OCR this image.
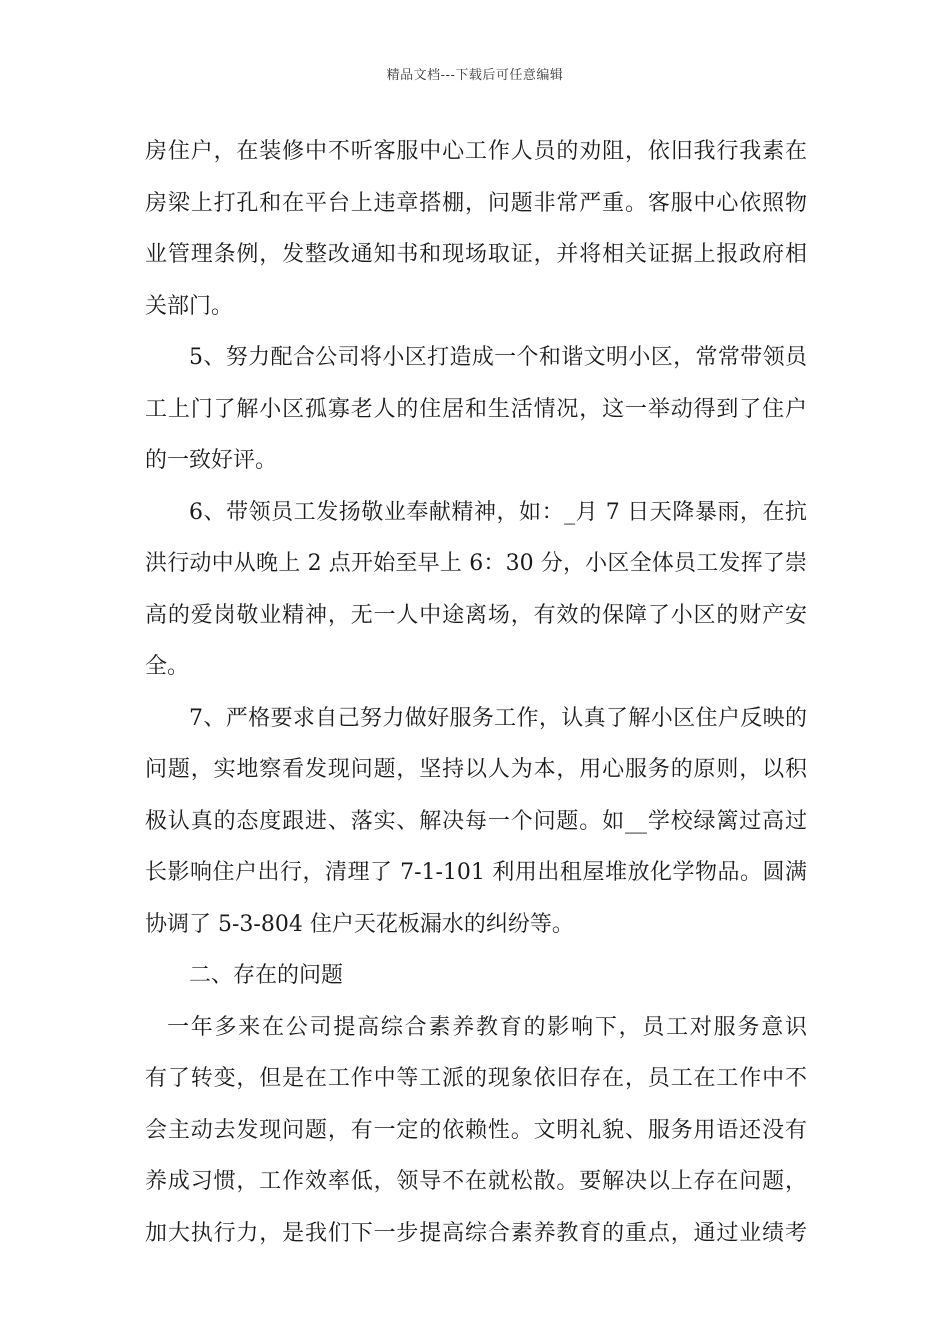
精品文档---下载后可任意编辑
房住户，在装修中不听客服中心工作人员的劝阻，依旧我行我素在
房梁上打孔和在平台上违章搭棚，问题非常严重。客服中心依照物
业管理条例，发整改通知书和现场取证，并将相关证据上报政府相
关部门。
5、努力配合公司将小区打造成一个和谐文明小区，常常带领员
工上门了解小区孤寡老人的住居和生活情况，这一举动得到了住户
的一致好评。
6、带领员工发扬敬业奉献精神，如：_月 7 日天降暴雨，在抗
洪行动中从晚上 2 点开始至早上 6：30 分，小区全体员工发挥了崇
高的爱岗敬业精神，无一人中途离场，有效的保障了小区的财产安
全。
7、严格要求自己努力做好服务工作，认真了解小区住户反映的
问题，实地察看发现问题，坚持以人为本，用心服务的原则，以积
极认真的态度跟进、落实、解决每一个问题。如__学校绿篱过高过
长影响住户出行，清理了 7-1-101 利用出租屋堆放化学物品。圆满
协调了 5-3-804 住户天花板漏水的纠纷等。
二、存在的问题
一年多来在公司提高综合素养教育的影响下，员工对服务意识
有了转变，但是在工作中等工派的现象依旧存在，员工在工作中不
会主动去发现问题，有一定的依赖性。文明礼貌、服务用语还没有
养成习惯，工作效率低，领导不在就松散。要解决以上存在问题，
加大执行力，是我们下一步提高综合素养教育的重点，通过业绩考
